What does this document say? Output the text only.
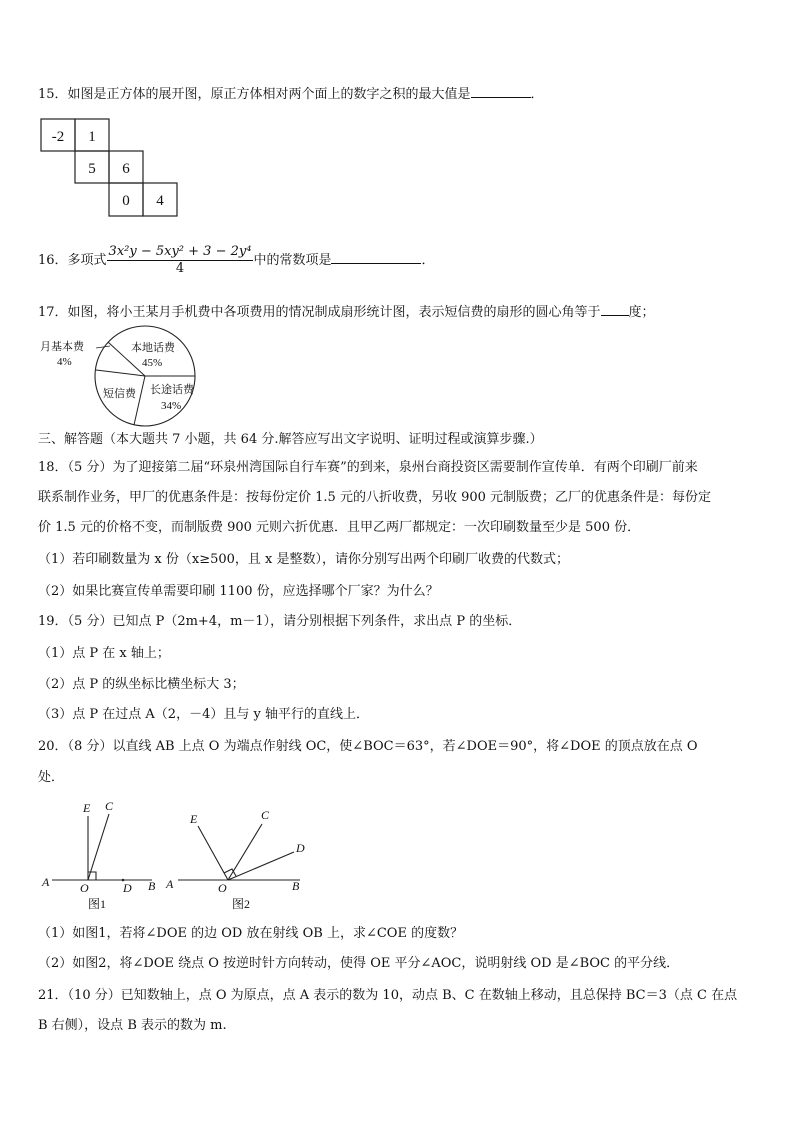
15．如图是正方体的展开图，原正方体相对两个面上的数字之积的最大值是	．
-2 1
5 6
0 4
16．多项式 $\frac{\text{3x²y − 5xy² + 3 − 2y⁴}}{4}$ 中的常数项是	．
17．如图，将小王某月手机费中各项费用的情况制成扇形统计图，表示短信费的扇形的圆心角等于 度；
月基本费
4%
本地话费
45%
长途话费
34%
短信费
三、解答题（本大题共 7 小题，共 64 分.解答应写出文字说明、证明过程或演算步骤.）
18．（5 分）为了迎接第二届“环泉州湾国际自行车赛”的到来，泉州台商投资区需要制作宣传单．有两个印刷厂前来
联系制作业务，甲厂的优惠条件是：按每份定价 1.5 元的八折收费，另收 900 元制版费；乙厂的优惠条件是：每份定
价 1.5 元的价格不变，而制版费 900 元则六折优惠．且甲乙两厂都规定：一次印刷数量至少是 500 份．
（1）若印刷数量为 x 份（x≥500，且 x 是整数），请你分别写出两个印刷厂收费的代数式；
（2）如果比赛宣传单需要印刷 1100 份，应选择哪个厂家？为什么？
19．（5 分）已知点 P（2m+4，m－1），请分别根据下列条件，求出点 P 的坐标．
（1）点 P 在 x 轴上；
（2）点 P 的纵坐标比横坐标大 3；
（3）点 P 在过点 A（2，－4）且与 y 轴平行的直线上．
20．（8 分）以直线 AB 上点 O 为端点作射线 OC，使∠BOC＝63°，若∠DOE＝90°，将∠DOE 的顶点放在点 O
处．
E C
A	O	D B
图1
E	C
D
A	O	B
图2
（1）如图1，若将∠DOE 的边 OD 放在射线 OB 上，求∠COE 的度数？
（2）如图2，将∠DOE 绕点 O 按逆时针方向转动，使得 OE 平分∠AOC，说明射线 OD 是∠BOC 的平分线．
21．（10 分）已知数轴上，点 O 为原点，点 A 表示的数为 10，动点 B、C 在数轴上移动，且总保持 BC＝3（点 C 在点
B 右侧），设点 B 表示的数为 m.
